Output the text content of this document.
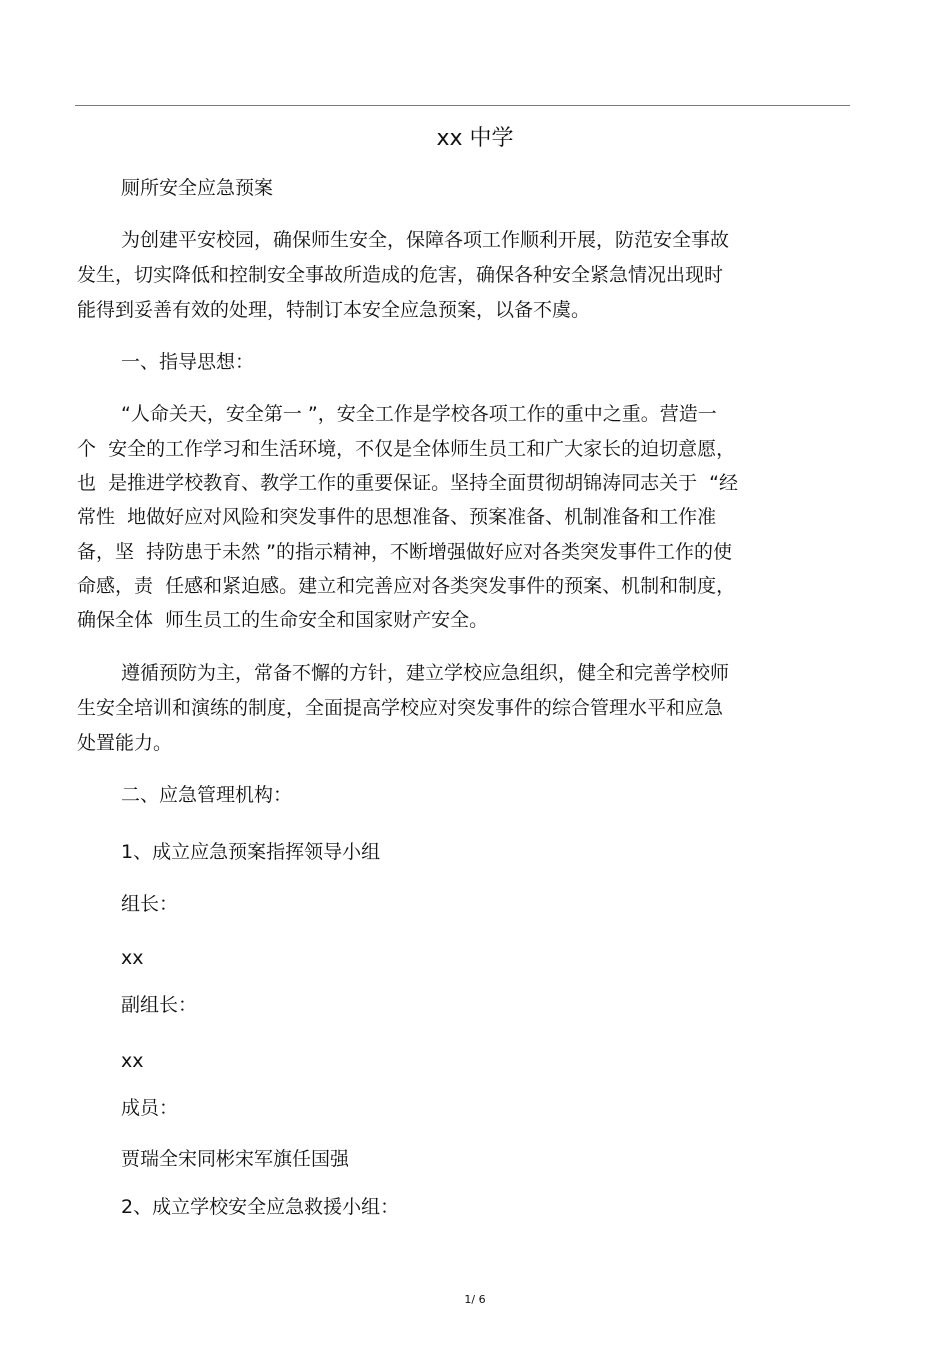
xx 中学

厕所安全应急预案

为创建平安校园，确保师生安全，保障各项工作顺利开展，防范安全事故

发生，切实降低和控制安全事故所造成的危害，确保各种安全紧急情况出现时

能得到妥善有效的处理，特制订本安全应急预案，以备不虞。

一、指导思想：

“人命关天，安全第一 ”，安全工作是学校各项工作的重中之重。营造一

个  安全的工作学习和生活环境，不仅是全体师生员工和广大家长的迫切意愿，

也  是推进学校教育、教学工作的重要保证。坚持全面贯彻胡锦涛同志关于  “经

常性  地做好应对风险和突发事件的思想准备、预案准备、机制准备和工作准

备，坚  持防患于未然 ”的指示精神，不断增强做好应对各类突发事件工作的使

命感，责  任感和紧迫感。建立和完善应对各类突发事件的预案、机制和制度，

确保全体  师生员工的生命安全和国家财产安全。

遵循预防为主，常备不懈的方针，建立学校应急组织，健全和完善学校师

生安全培训和演练的制度，全面提高学校应对突发事件的综合管理水平和应急

处置能力。

二、应急管理机构：

1、成立应急预案指挥领导小组

组长：

xx

副组长：

xx

成员：

贾瑞全宋同彬宋军旗任国强

2、成立学校安全应急救援小组：

1/ 6
